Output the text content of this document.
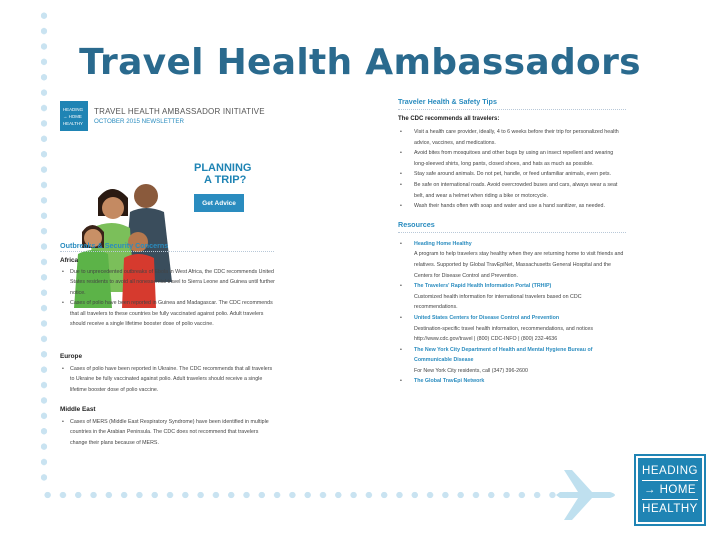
Travel Health Ambassadors
HEADING
→ HOME
HEALTHY
TRAVEL HEALTH AMBASSADOR INITIATIVE
OCTOBER 2015 NEWSLETTER
PLANNING
A TRIP?
Get Advice
Outbreaks & Security Concerns
Africa
• Due to unprecedented outbreaks of Ebola in West Africa, the CDC recommends United States residents to avoid all nonessential travel to Sierra Leone and Guinea until further notice.
• Cases of polio have been reported in Guinea and Madagascar. The CDC recommends that all travelers to these countries be fully vaccinated against polio. Adult travelers should receive a single lifetime booster dose of polio vaccine.
Europe
• Cases of polio have been reported in Ukraine. The CDC recommends that all travelers to Ukraine be fully vaccinated against polio. Adult travelers should receive a single lifetime booster dose of polio vaccine.
Middle East
• Cases of MERS (Middle East Respiratory Syndrome) have been identified in multiple countries in the Arabian Peninsula. The CDC does not recommend that travelers change their plans because of MERS.
Traveler Health & Safety Tips
The CDC recommends all travelers:
• Visit a health care provider, ideally, 4 to 6 weeks before their trip for personalized health advice, vaccines, and medications.
• Avoid bites from mosquitoes and other bugs by using an insect repellent and wearing long-sleeved shirts, long pants, closed shoes, and hats as much as possible.
• Stay safe around animals. Do not pet, handle, or feed unfamiliar animals, even pets.
• Be safe on international roads. Avoid overcrowded buses and cars, always wear a seat belt, and wear a helmet when riding a bike or motorcycle.
• Wash their hands often with soap and water and use a hand sanitizer, as needed.
Resources
• Heading Home Healthy
A program to help travelers stay healthy when they are returning home to visit friends and relatives. Supported by Global TravEpiNet, Massachusetts General Hospital and the Centers for Disease Control and Prevention.
• The Travelers' Rapid Health Information Portal (TRHIP)
Customized health information for international travelers based on CDC recommendations.
• United States Centers for Disease Control and Prevention
Destination-specific travel health information, recommendations, and notices http://www.cdc.gov/travel | (800) CDC-INFO | (800) 232-4636
• The New York City Department of Health and Mental Hygiene Bureau of Communicable Disease
For New York City residents, call (347) 396-2600
• The Global TravEpi Network
HEADING
→ HOME
HEALTHY
